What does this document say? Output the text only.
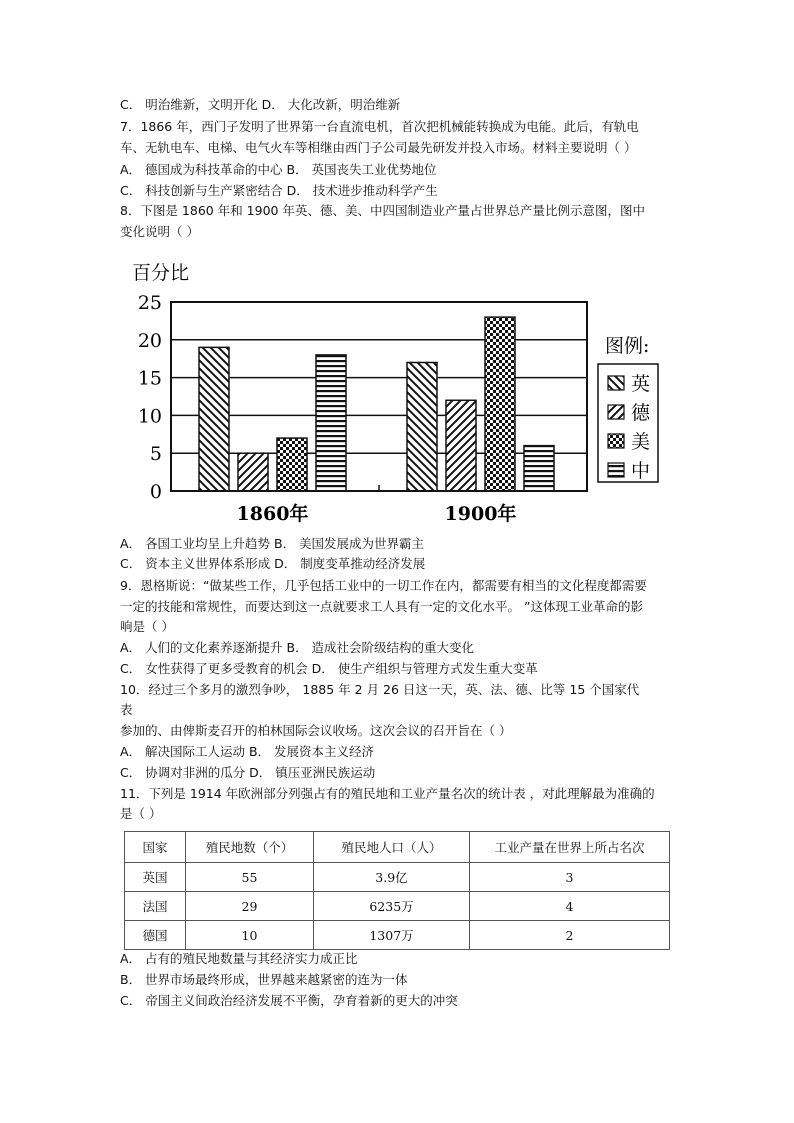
C． 明治维新，文明开化 D． 大化改新，明治维新
7．1866 年，西门子发明了世界第一台直流电机，首次把机械能转换成为电能。此后，有轨电
车、无轨电车、电梯、电气火车等相继由西门子公司最先研发并投入市场。材料主要说明（ ）
A． 德国成为科技革命的中心 B． 英国丧失工业优势地位
C． 科技创新与生产紧密结合 D． 技术进步推动科学产生
8．下图是 1860 年和 1900 年英、德、美、中四国制造业产量占世界总产量比例示意图，图中
变化说明（ ）
百分比
0
5
10
15
20
25
1860年	1900年
图例:
英
德
美
中
A． 各国工业均呈上升趋势 B． 美国发展成为世界霸主
C． 资本主义世界体系形成 D． 制度变革推动经济发展
9．恩格斯说：“做某些工作，几乎包括工业中的一切工作在内，都需要有相当的文化程度都需要
一定的技能和常规性，而要达到这一点就要求工人具有一定的文化水平。 ”这体现工业革命的影
响是（ ）
A． 人们的文化素养逐渐提升 B． 造成社会阶级结构的重大变化
C． 女性获得了更多受教育的机会 D． 使生产组织与管理方式发生重大变革
10．经过三个多月的激烈争吵， 1885 年 2 月 26 日这一天，英、法、德、比等 15 个国家代
表
参加的、由俾斯麦召开的柏林国际会议收场。这次会议的召开旨在（ ）
A． 解决国际工人运动 B． 发展资本主义经济
C． 协调对非洲的瓜分 D． 镇压亚洲民族运动
11．下列是 1914 年欧洲部分列强占有的殖民地和工业产量名次的统计表 ，对此理解最为准确的
是（ ）
国家	殖民地数（个）	殖民地人口（人）	工业产量在世界上所占名次
英国	55	3.9亿	3
法国	29	6235万	4
德国	10	1307万	2
A． 占有的殖民地数量与其经济实力成正比
B． 世界市场最终形成，世界越来越紧密的连为一体
C． 帝国主义间政治经济发展不平衡，孕育着新的更大的冲突
